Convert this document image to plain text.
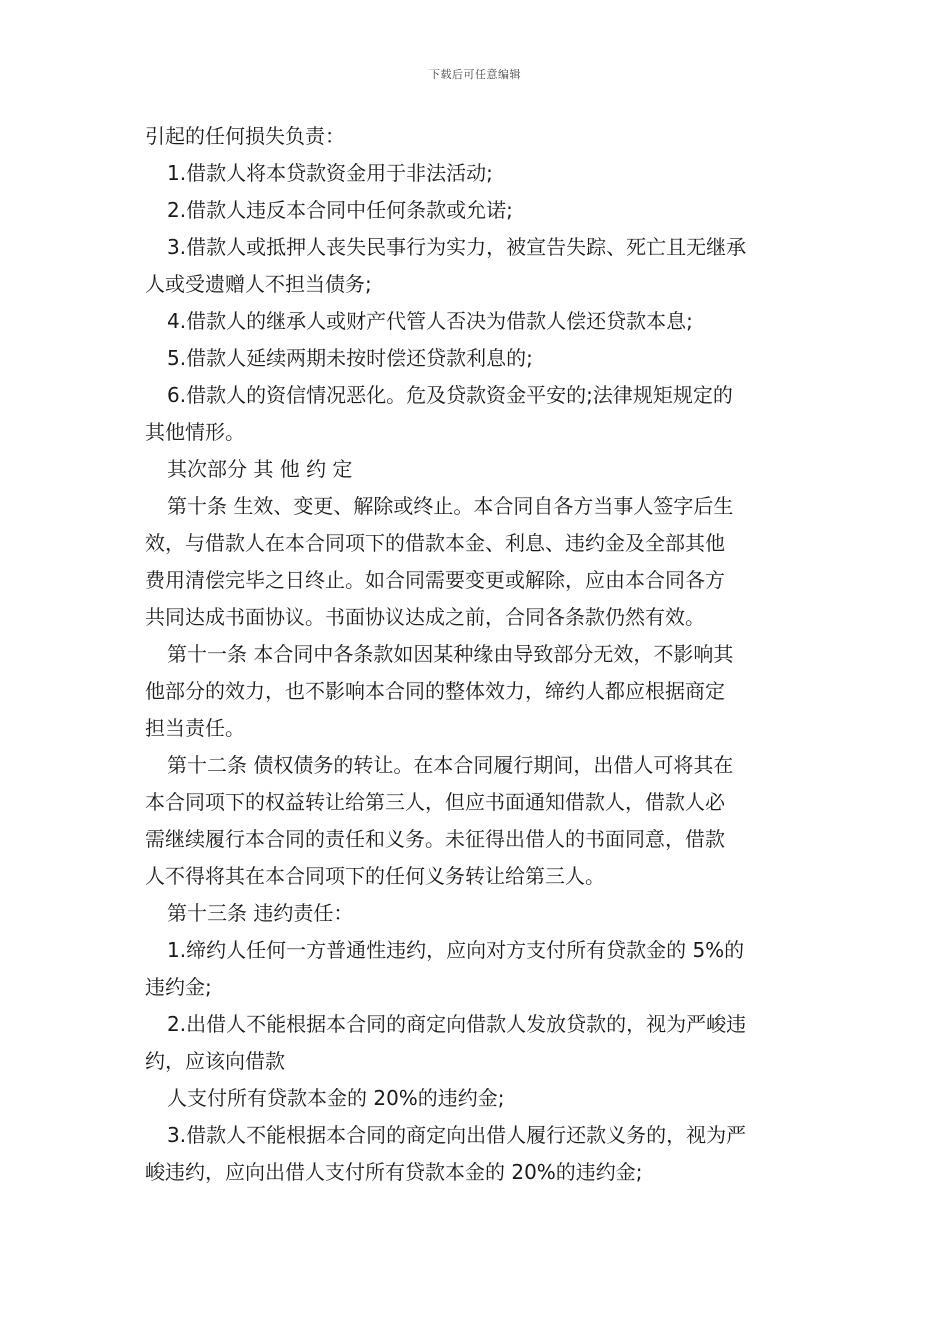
下载后可任意编辑

引起的任何损失负责：

1.借款人将本贷款资金用于非法活动;

2.借款人违反本合同中任何条款或允诺;

3.借款人或抵押人丧失民事行为实力，被宣告失踪、死亡且无继承
人或受遗赠人不担当债务;

4.借款人的继承人或财产代管人否决为借款人偿还贷款本息;

5.借款人延续两期未按时偿还贷款利息的;

6.借款人的资信情况恶化。危及贷款资金平安的;法律规矩规定的
其他情形。

其次部分 其 他 约 定

第十条 生效、变更、解除或终止。本合同自各方当事人签字后生
效，与借款人在本合同项下的借款本金、利息、违约金及全部其他
费用清偿完毕之日终止。如合同需要变更或解除，应由本合同各方
共同达成书面协议。书面协议达成之前，合同各条款仍然有效。

第十一条 本合同中各条款如因某种缘由导致部分无效，不影响其
他部分的效力，也不影响本合同的整体效力，缔约人都应根据商定
担当责任。

第十二条 债权债务的转让。在本合同履行期间，出借人可将其在
本合同项下的权益转让给第三人，但应书面通知借款人，借款人必
需继续履行本合同的责任和义务。未征得出借人的书面同意，借款
人不得将其在本合同项下的任何义务转让给第三人。

第十三条 违约责任：

1.缔约人任何一方普通性违约，应向对方支付所有贷款金的 5%的
违约金;

2.出借人不能根据本合同的商定向借款人发放贷款的，视为严峻违
约，应该向借款

人支付所有贷款本金的 20%的违约金;

3.借款人不能根据本合同的商定向出借人履行还款义务的，视为严
峻违约，应向出借人支付所有贷款本金的 20%的违约金;
